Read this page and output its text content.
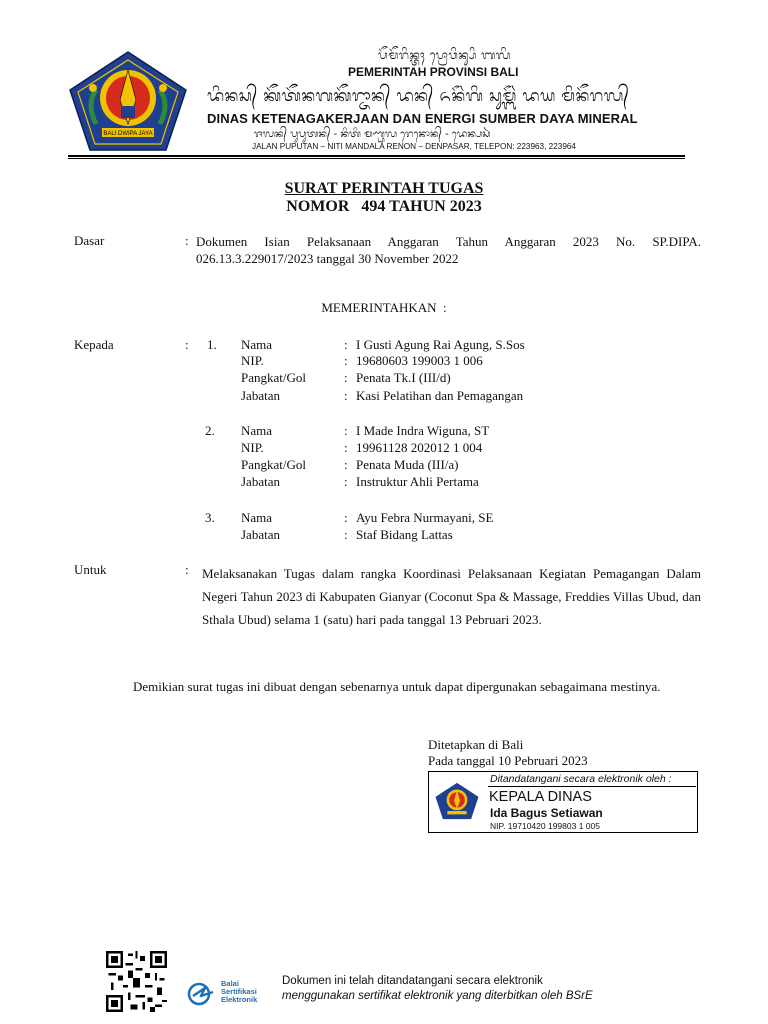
BALI DWIPA JAYA
ᬧᭂᬫᭂᬭᬶᬦ᭄ᬢᬄ ᬧ᭄ᬭᭀᬯᬶᬦ᭄ᬲᬶ ᬩᬮᬶ
PEMERINTAH PROVINSI BALI
ᬤᬶᬦᬲ᭄ ᬓᭂᬢᭂᬦᬕᬓᭂᬭ᭄ᬚᬵᬦ᭄ ᬤᬦ᭄ ᬏᬦᭂᬃᬕᬶ ᬲᬸᬫ᭄ᬩᭂᬃ ᬤᬬ ᬫᬶᬦᭂᬭᬮ᭄
DINAS KETENAGAKERJAAN DAN ENERGI SUMBER DAYA MINERAL
ᬚᬮᬦ᭄ ᬧᬸᬧᬸᬢᬦ᭄ - ᬦᬶᬢᬶ ᬫᬡ᭄ᬟᬮ ᬭᬾᬦᭀᬦ᭄ - ᬤᬾᬦ᭄ᬧᬲᬃ
JALAN PUPUTAN – NITI MANDALA RENON – DENPASAR, TELEPON: 223963, 223964
SURAT PERINTAH TUGAS
NOMOR   494 TAHUN 2023
Dasar	: Dokumen Isian Pelaksanaan Anggaran Tahun Anggaran 2023 No. SP.DIPA. 026.13.3.229017/2023 tanggal 30 November 2022
MEMERINTAHKAN  :
Kepada	: 1. Nama	: I Gusti Agung Rai Agung, S.Sos
NIP.	: 19680603 199003 1 006
Pangkat/Gol	: Penata Tk.I (III/d)
Jabatan	: Kasi Pelatihan dan Pemagangan
2. Nama	: I Made Indra Wiguna, ST
NIP.	: 19961128 202012 1 004
Pangkat/Gol	: Penata Muda (III/a)
Jabatan	: Instruktur Ahli Pertama
3. Nama	: Ayu Febra Nurmayani, SE
Jabatan	: Staf Bidang Lattas
Untuk	: Melaksanakan Tugas dalam rangka Koordinasi Pelaksanaan Kegiatan Pemagangan Dalam Negeri Tahun 2023 di Kabupaten Gianyar (Coconut Spa & Massage, Freddies Villas Ubud, dan Sthala Ubud) selama 1 (satu) hari pada tanggal 13 Pebruari 2023.
Demikian surat tugas ini dibuat dengan sebenarnya untuk dapat dipergunakan sebagaimana mestinya.
Ditetapkan di Bali
Pada tanggal 10 Pebruari 2023
Ditandatangani secara elektronik oleh :
KEPALA DINAS
Ida Bagus Setiawan
NIP. 19710420 199803 1 005
Balai Sertifikasi Elektronik
Dokumen ini telah ditandatangani secara elektronik
menggunakan sertifikat elektronik yang diterbitkan oleh BSrE
